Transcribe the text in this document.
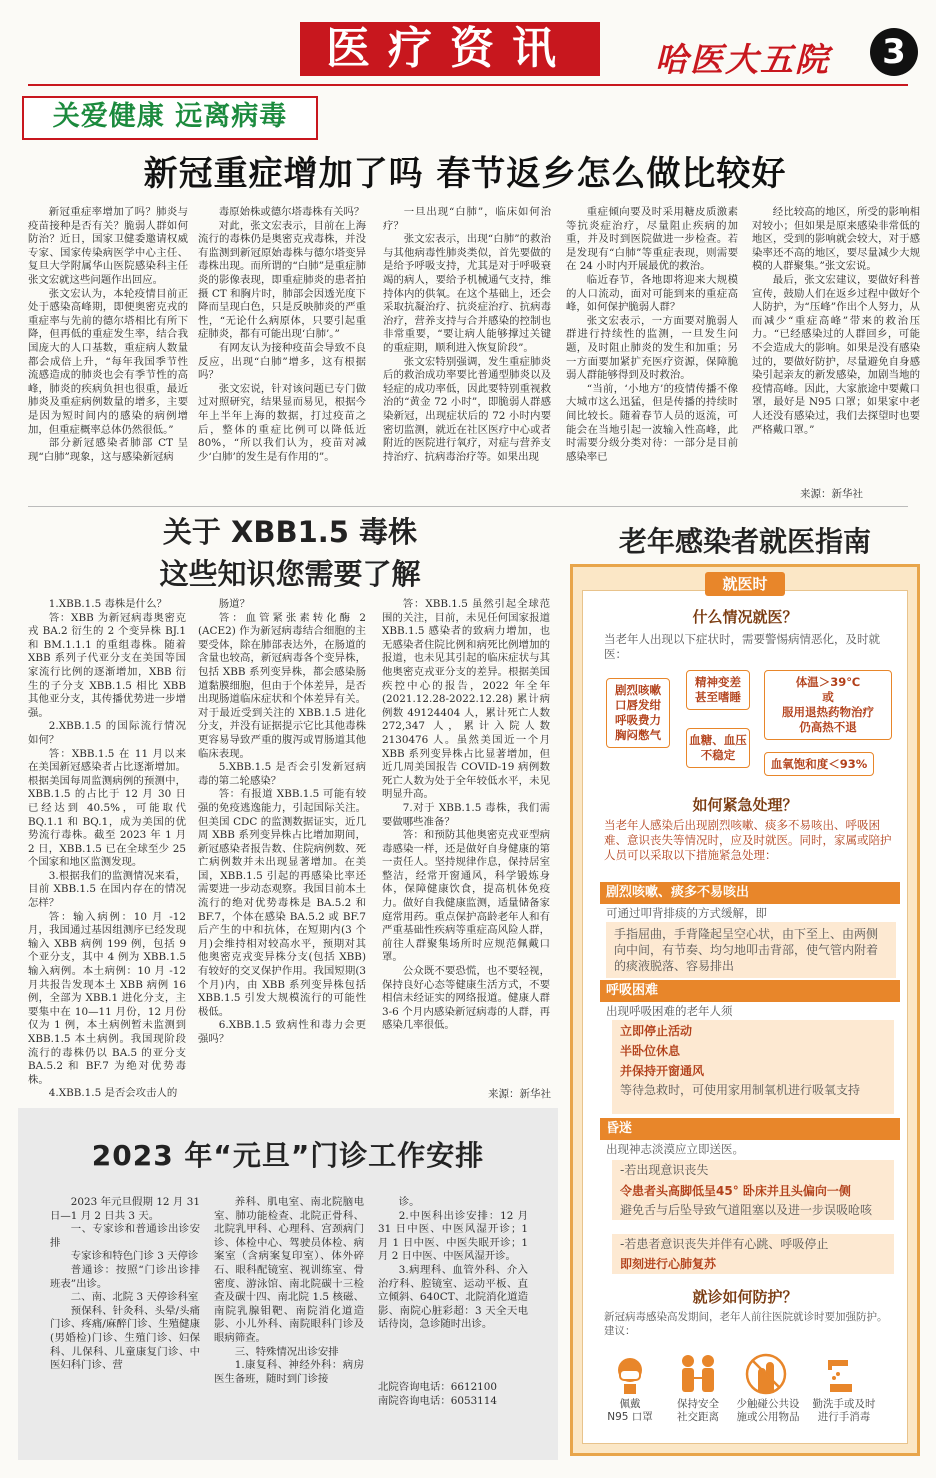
医疗资讯	哈医大五院	3
关爱健康 远离病毒
新冠重症增加了吗 春节返乡怎么做比较好

新冠重症率增加了吗？肺炎与疫苗接种是否有关？脆弱人群如何防治？近日，国家卫健委邀请权威专家、国家传染病医学中心主任、复旦大学附属华山医院感染科主任张文宏就这些问题作出回应。

张文宏认为，本轮疫情目前正处于感染高峰期，即便奥密克戎的重症率与先前的德尔塔相比有所下降，但再低的重症发生率，结合我国庞大的人口基数，重症病人数量都会成倍上升，“每年我国季节性流感造成的肺炎也会有季节性的高峰，肺炎的疾病负担也很重，最近肺炎及重症病例数量的增多，主要是因为短时间内的感染的病例增加，但重症概率总体仍然很低。”

部分新冠感染者肺部 CT 呈现“白肺”现象，这与感染新冠病

毒原始株或德尔塔毒株有关吗？

对此，张文宏表示，目前在上海流行的毒株仍是奥密克戎毒株，并没有监测到新冠原始毒株与德尔塔变异毒株出现。而所谓的“白肺”是重症肺炎的影像表现，即重症肺炎的患者拍摄 CT 和胸片时，肺部会因透光度下降而呈现白色，只是反映肺炎的严重性，“无论什么病原体，只要引起重症肺炎，都有可能出现‘白肺’。”

有网友认为接种疫苗会导致不良反应，出现“白肺”增多，这有根据吗？

张文宏说，针对该问题已专门做过对照研究，结果显而易见，根据今年上半年上海的数据，打过疫苗之后，整体的重症比例可以降低近 80%，“所以我们认为，疫苗对减少‘白肺’的发生是有作用的”。

一旦出现“白肺”，临床如何治疗？

张文宏表示，出现“白肺”的救治与其他病毒性肺炎类似，首先要做的是给予呼吸支持，尤其是对于呼吸衰竭的病人，要给予机械通气支持，维持体内的供氧。在这个基础上，还会采取抗凝治疗、抗炎症治疗、抗病毒治疗，营养支持与合并感染的控制也非常重要，“要让病人能够撑过关键的重症期，顺利进入恢复阶段”。

张文宏特别强调，发生重症肺炎后的救治成功率要比普通型肺炎以及轻症的成功率低，因此要特别重视救治的“黄金 72 小时”，即脆弱人群感染新冠，出现症状后的 72 小时内要密切监测，就近在社区医疗中心或者附近的医院进行氧疗，对症与营养支持治疗、抗病毒治疗等。如果出现

重症倾向要及时采用糖皮质激素等抗炎症治疗，尽量阻止疾病的加重，并及时到医院做进一步检查。若是发现有“白肺”等重症表现，则需要在 24 小时内开展最优的救治。

临近春节，各地即将迎来大规模的人口流动，面对可能到来的重症高峰，如何保护脆弱人群？

张文宏表示，一方面要对脆弱人群进行持续性的监测，一旦发生问题，及时阻止肺炎的发生和加重；另一方面要加紧扩充医疗资源，保障脆弱人群能够得到及时救治。

“当前，‘小地方’的疫情传播不像大城市这么迅猛，但是传播的持续时间比较长。随着春节人员的返流，可能会在当地引起一波输入性高峰，此时需要分级分类对待：一部分是目前感染率已

经比较高的地区，所受的影响相对较小；但如果是原来感染非常低的地区，受到的影响就会较大，对于感染率还不高的地区，要尽量减少大规模的人群聚集。”张文宏说。

最后，张文宏建议，要做好科普宣传，鼓励人们在返乡过程中做好个人防护，为“压峰”作出个人努力，从而减少“重症高峰”带来的救治压力。“已经感染过的人群回乡，可能不会造成大的影响。如果是没有感染过的，要做好防护，尽量避免自身感染引起亲友的新发感染，加剧当地的疫情高峰。因此，大家旅途中要戴口罩，最好是 N95 口罩；如果家中老人还没有感染过，我们去探望时也要严格戴口罩。”

来源：新华社
关于 XBB1.5 毒株
这些知识您需要了解

1.XBB.1.5 毒株是什么？

答：XBB 为新冠病毒奥密克戎 BA.2 衍生的 2 个变异株 BJ.1 和 BM.1.1.1 的重组毒株。随着 XBB 系列子代亚分支在美国等国家流行比例的逐渐增加，XBB 衍生的子分支 XBB.1.5 相比 XBB 其他亚分支，其传播优势进一步增强。

2.XBB.1.5 的国际流行情况如何？

答：XBB.1.5 在 11 月以来在美国新冠感染者占比逐渐增加。根据美国每周监测病例的预测中，XBB.1.5 的占比于 12 月 30 日已经达到 40.5%，可能取代 BQ.1.1 和 BQ.1，成为美国的优势流行毒株。截至 2023 年 1 月 2 日，XBB.1.5 已在全球至少 25 个国家和地区监测发现。

3.根据我们的监测情况来看，目前 XBB.1.5 在国内存在的情况怎样？

答：输入病例：10 月 -12 月，我国通过基因组测序已经发现输入 XBB 病例 199 例，包括 9 个亚分支，其中 4 例为 XBB.1.5 输入病例。本土病例：10 月 -12 月共报告发现本土 XBB 病例 16 例，全部为 XBB.1 进化分支，主要集中在 10—11 月份，12 月份仅为 1 例，本土病例暂未监测到 XBB.1.5 本土病例。我国现阶段流行的毒株仍以 BA.5 的亚分支 BA.5.2 和 BF.7 为绝对优势毒株。

4.XBB.1.5 是否会攻击人的

肠道？

答：血管紧张素转化酶 2 (ACE2) 作为新冠病毒结合细胞的主要受体，除在肺部表达外，在肠道的含量也较高，新冠病毒各个变异株，包括 XBB 系列变异株，都会感染肠道黏膜细胞，但由于个体差异，是否出现肠道临床症状和个体差异有关。对于最近受到关注的 XBB.1.5 进化分支，并没有证据提示它比其他毒株更容易导致严重的腹泻或胃肠道其他临床表现。

5.XBB.1.5 是否会引发新冠病毒的第二轮感染？

答：有报道 XBB.1.5 可能有较强的免疫逃逸能力，引起国际关注。但美国 CDC 的监测数据证实，近几周 XBB 系列变异株占比增加期间，新冠感染者报告数、住院病例数、死亡病例数并未出现显著增加。在美国，XBB.1.5 引起的再感染比率还需要进一步动态观察。我国目前本土流行的绝对优势毒株是 BA.5.2 和 BF.7，个体在感染 BA.5.2 或 BF.7 后产生的中和抗体，在短期内(3 个月)会维持相对较高水平，预期对其他奥密克戎变异株分支(包括 XBB) 有较好的交叉保护作用。我国短期(3 个月)内，由 XBB 系列变异株包括 XBB.1.5 引发大规模流行的可能性极低。

6.XBB.1.5 致病性和毒力会更强吗？

答：XBB.1.5 虽然引起全球范围的关注，目前，未见任何国家报道 XBB.1.5 感染者的致病力增加，也无感染者住院比例和病死比例增加的报道，也未见其引起的临床症状与其他奥密克戎亚分支的差异。根据美国疾控中心的报告，2022 年全年(2021.12.28-2022.12.28) 累计病例数 49124404 人，累计死亡人数 272,347 人，累计入院人数 2130476 人。虽然美国近一个月 XBB 系列变异株占比显著增加，但近几周美国报告 COVID-19 病例数死亡人数为处于全年较低水平，未见明显升高。

7.对于 XBB.1.5 毒株，我们需要做哪些准备？

答：和预防其他奥密克戎亚型病毒感染一样，还是做好自身健康的第一责任人。坚持规律作息，保持居室整洁，经常开窗通风，科学锻炼身体，保障健康饮食，提高机体免疫力。做好自我健康监测，适量储备家庭常用药。重点保护高龄老年人和有严重基础性疾病等重症高风险人群，前往人群聚集场所时应规范佩戴口罩。

公众既不要恐慌，也不要轻视，保持良好心态等健康生活方式，不要相信未经证实的网络报道。健康人群 3-6 个月内感染新冠病毒的人群，再感染几率很低。

来源：新华社
2023 年“元旦”门诊工作安排

2023 年元旦假期 12 月 31 日—1 月 2 日共 3 天。

一、专家诊和普通诊出诊安排

专家诊和特色门诊 3 天停诊

普通诊：按照“门诊出诊排班表”出诊。

二、南、北院 3 天停诊科室

预保科、针灸科、头晕/头痛门诊、疼痛/麻醉门诊、生殖健康(男婚检)门诊、生殖门诊、妇保科、儿保科、儿童康复门诊、中医妇科门诊、营

养科、肌电室、南北院脑电室、肺功能检查、北院正骨科、北院乳甲科、心理科、宫颈病门诊、体检中心、驾驶员体检、病案室（含病案复印室）、体外碎石、眼科配镜室、视训练室、骨密度、游泳馆、南北院碳十三检查及碳十四、南北院 1.5 核磁、南院乳腺钼靶、南院消化道造影、小儿外科、南院眼科门诊及眼病筛查。

三、特殊情况出诊安排

1.康复科、神经外科：病房医生备班，随时到门诊接

诊。

2.中医科出诊安排：12 月 31 日中医、中医风湿开诊；1 月 1 日中医、中医失眠开诊；1 月 2 日中医、中医风湿开诊。

3.病理科、血管外科、介入治疗科、腔镜室、运动平板、直立倾斜、640CT、北院消化道造影、南院心脏彩超：3 天全天电话待岗，急诊随时出诊。

北院咨询电话：6612100
南院咨询电话：6053114
老年感染者就医指南
就医时
什么情况就医？
当老年人出现以下症状时，需要警惕病情恶化，及时就医：
剧烈咳嗽
口唇发绀
呼吸费力
胸闷憋气
精神变差
甚至嗜睡
体温＞39℃
或
服用退热药物治疗
仍高热不退
血糖、血压
不稳定
血氧饱和度＜93%
如何紧急处理？
当老年人感染后出现剧烈咳嗽、痰多不易咳出、呼吸困难、意识丧失等情况时，应及时就医。同时，家属或陪护人员可以采取以下措施紧急处理：
剧烈咳嗽、痰多不易咳出
可通过叩背排痰的方式缓解，即
手指屈曲，手背隆起呈空心状，由下至上、由两侧向中间，有节奏、均匀地叩击背部，使气管内附着的痰液脱落、容易排出
呼吸困难
出现呼吸困难的老年人须
立即停止活动
半卧位休息
并保持开窗通风
等待急救时，可使用家用制氧机进行吸氧支持
昏迷
出现神志淡漠应立即送医。
-若出现意识丧失
令患者头高脚低呈45° 卧床并且头偏向一侧
避免舌与后坠导致气道阻塞以及进一步误吸呛咳
-若患者意识丧失并伴有心跳、呼吸停止
即刻进行心肺复苏
就诊如何防护？
新冠病毒感染高发期间，老年人前往医院就诊时要加强防护。建议：
佩戴
N95 口罩
保持安全
社交距离
少触碰公共设
施或公用物品
勤洗手或及时
进行手消毒
